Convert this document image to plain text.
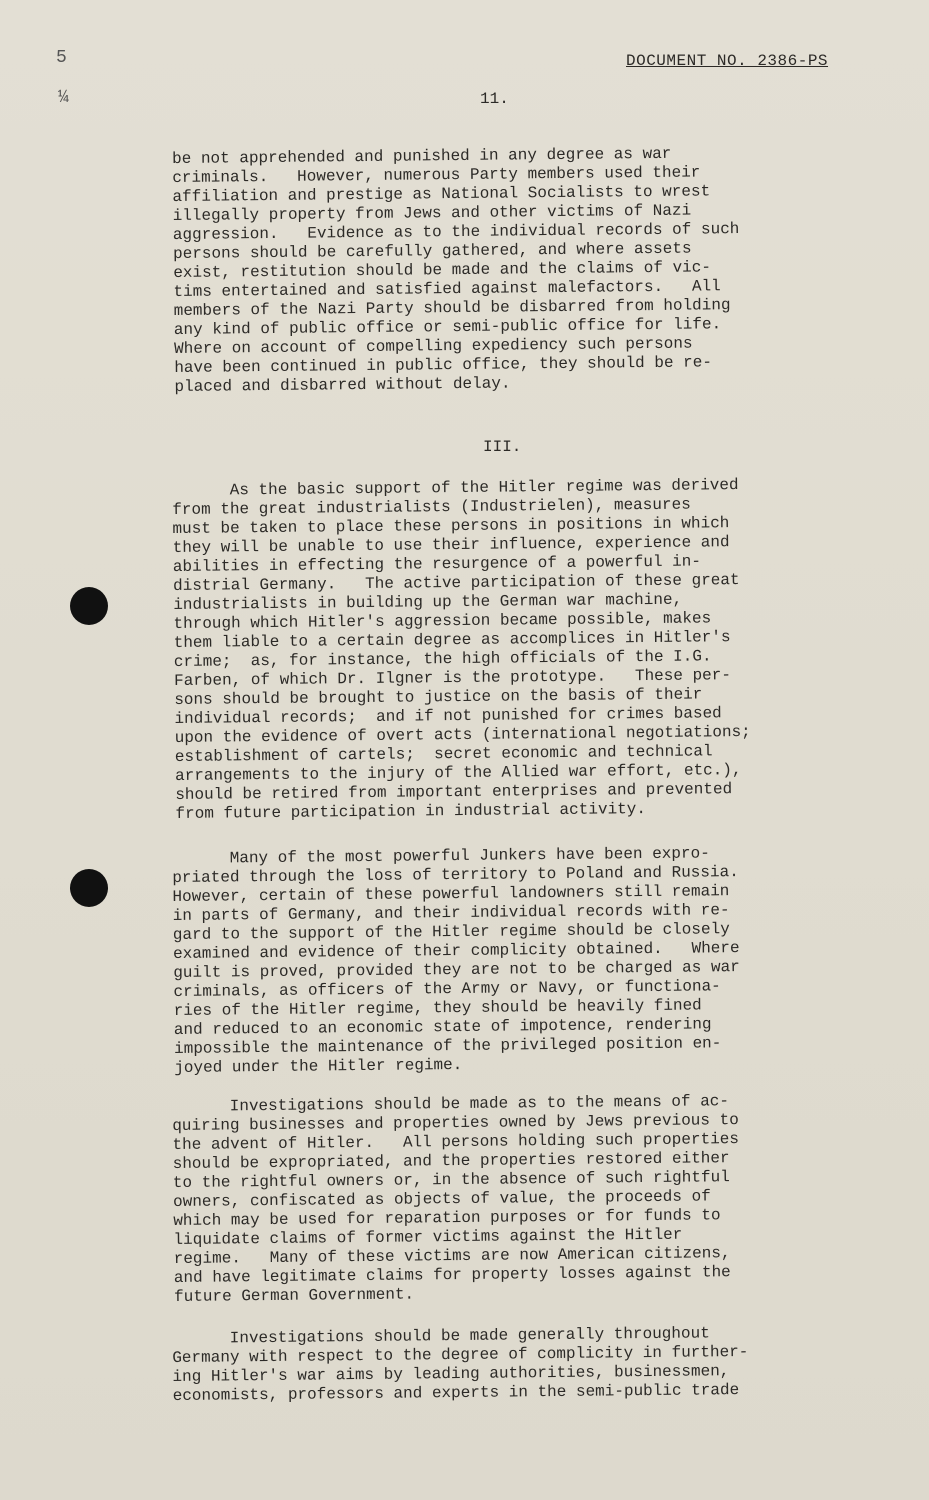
5
¼
DOCUMENT NO. 2386-PS
11.

be not apprehended and punished in any degree as war

criminals.   However, numerous Party members used their

affiliation and prestige as National Socialists to wrest

illegally property from Jews and other victims of Nazi

aggression.   Evidence as to the individual records of such

persons should be carefully gathered, and where assets

exist, restitution should be made and the claims of vic-

tims entertained and satisfied against malefactors.   All

members of the Nazi Party should be disbarred from holding

any kind of public office or semi-public office for life.

Where on account of compelling expediency such persons

have been continued in public office, they should be re-

placed and disbarred without delay.

III.

As the basic support of the Hitler regime was derived

from the great industrialists (Industrielen), measures

must be taken to place these persons in positions in which

they will be unable to use their influence, experience and

abilities in effecting the resurgence of a powerful in-

distrial Germany.   The active participation of these great

industrialists in building up the German war machine,

through which Hitler's aggression became possible, makes

them liable to a certain degree as accomplices in Hitler's

crime;  as, for instance, the high officials of the I.G.

Farben, of which Dr. Ilgner is the prototype.   These per-

sons should be brought to justice on the basis of their

individual records;  and if not punished for crimes based

upon the evidence of overt acts (international negotiations;

establishment of cartels;  secret economic and technical

arrangements to the injury of the Allied war effort, etc.),

should be retired from important enterprises and prevented

from future participation in industrial activity.

Many of the most powerful Junkers have been expro-

priated through the loss of territory to Poland and Russia.

However, certain of these powerful landowners still remain

in parts of Germany, and their individual records with re-

gard to the support of the Hitler regime should be closely

examined and evidence of their complicity obtained.   Where

guilt is proved, provided they are not to be charged as war

criminals, as officers of the Army or Navy, or functiona-

ries of the Hitler regime, they should be heavily fined

and reduced to an economic state of impotence, rendering

impossible the maintenance of the privileged position en-

joyed under the Hitler regime.

Investigations should be made as to the means of ac-

quiring businesses and properties owned by Jews previous to

the advent of Hitler.   All persons holding such properties

should be expropriated, and the properties restored either

to the rightful owners or, in the absence of such rightful

owners, confiscated as objects of value, the proceeds of

which may be used for reparation purposes or for funds to

liquidate claims of former victims against the Hitler

regime.   Many of these victims are now American citizens,

and have legitimate claims for property losses against the

future German Government.

Investigations should be made generally throughout

Germany with respect to the degree of complicity in further-

ing Hitler's war aims by leading authorities, businessmen,

economists, professors and experts in the semi-public trade
